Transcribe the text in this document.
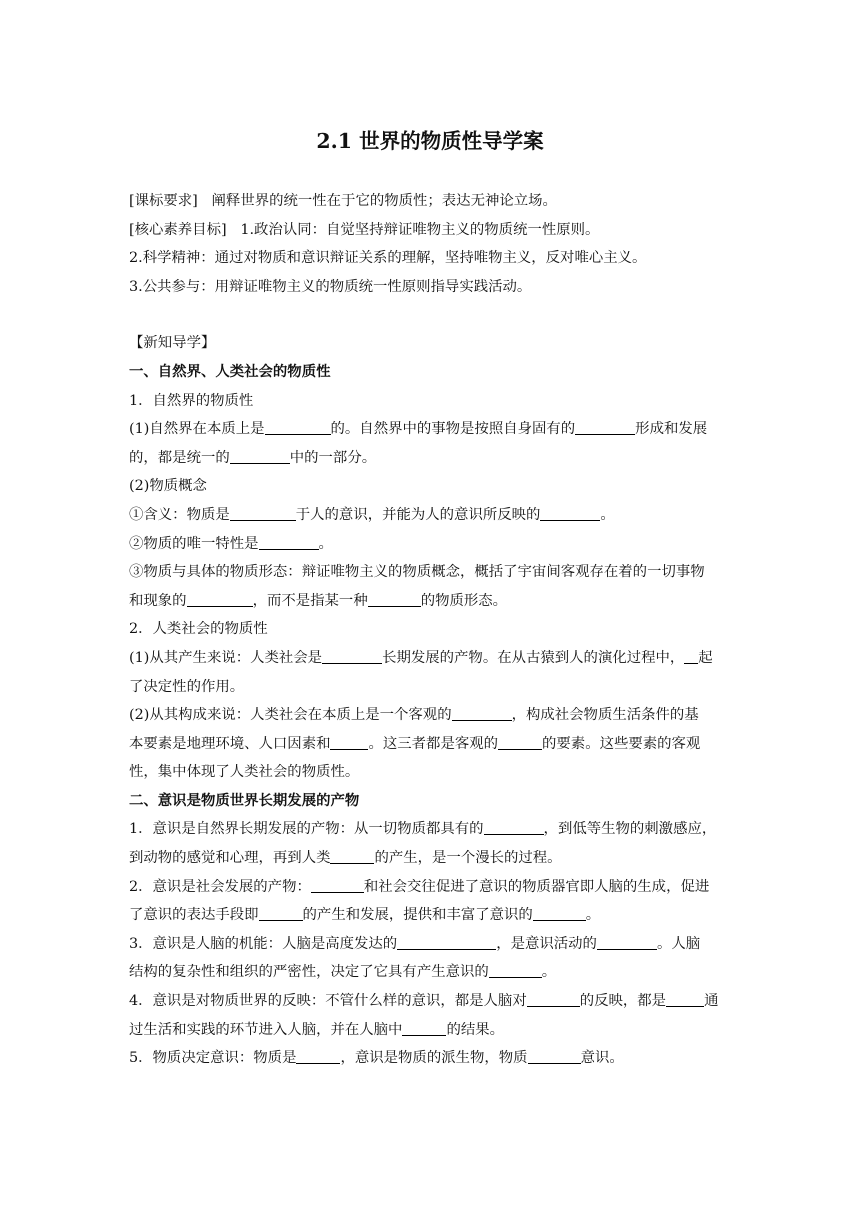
2.1 世界的物质性导学案

[课标要求] 阐释世界的统一性在于它的物质性；表达无神论立场。

[核心素养目标] 1.政治认同：自觉坚持辩证唯物主义的物质统一性原则。

2.科学精神：通过对物质和意识辩证关系的理解，坚持唯物主义，反对唯心主义。

3.公共参与：用辩证唯物主义的物质统一性原则指导实践活动。

【新知导学】

一、自然界、人类社会的物质性

1．自然界的物质性

(1)自然界在本质上是	的。自然界中的事物是按照自身固有的	形成和发展

的，都是统一的	中的一部分。

(2)物质概念

①含义：物质是	于人的意识，并能为人的意识所反映的	。

②物质的唯一特性是	。

③物质与具体的物质形态：辩证唯物主义的物质概念，概括了宇宙间客观存在着的一切事物

和现象的	，而不是指某一种	的物质形态。

2．人类社会的物质性

(1)从其产生来说：人类社会是	长期发展的产物。在从古猿到人的演化过程中， 起

了决定性的作用。

(2)从其构成来说：人类社会在本质上是一个客观的	，构成社会物质生活条件的基

本要素是地理环境、人口因素和	。这三者都是客观的	的要素。这些要素的客观

性，集中体现了人类社会的物质性。

二、意识是物质世界长期发展的产物

1．意识是自然界长期发展的产物：从一切物质都具有的	，到低等生物的刺激感应，

到动物的感觉和心理，再到人类	的产生，是一个漫长的过程。

2．意识是社会发展的产物：	和社会交往促进了意识的物质器官即人脑的生成，促进

了意识的表达手段即	的产生和发展，提供和丰富了意识的	。

3．意识是人脑的机能：人脑是高度发达的	，是意识活动的	。人脑

结构的复杂性和组织的严密性，决定了它具有产生意识的	。

4．意识是对物质世界的反映：不管什么样的意识，都是人脑对	的反映，都是	通

过生活和实践的环节进入人脑，并在人脑中	的结果。

5．物质决定意识：物质是	，意识是物质的派生物，物质	意识。
